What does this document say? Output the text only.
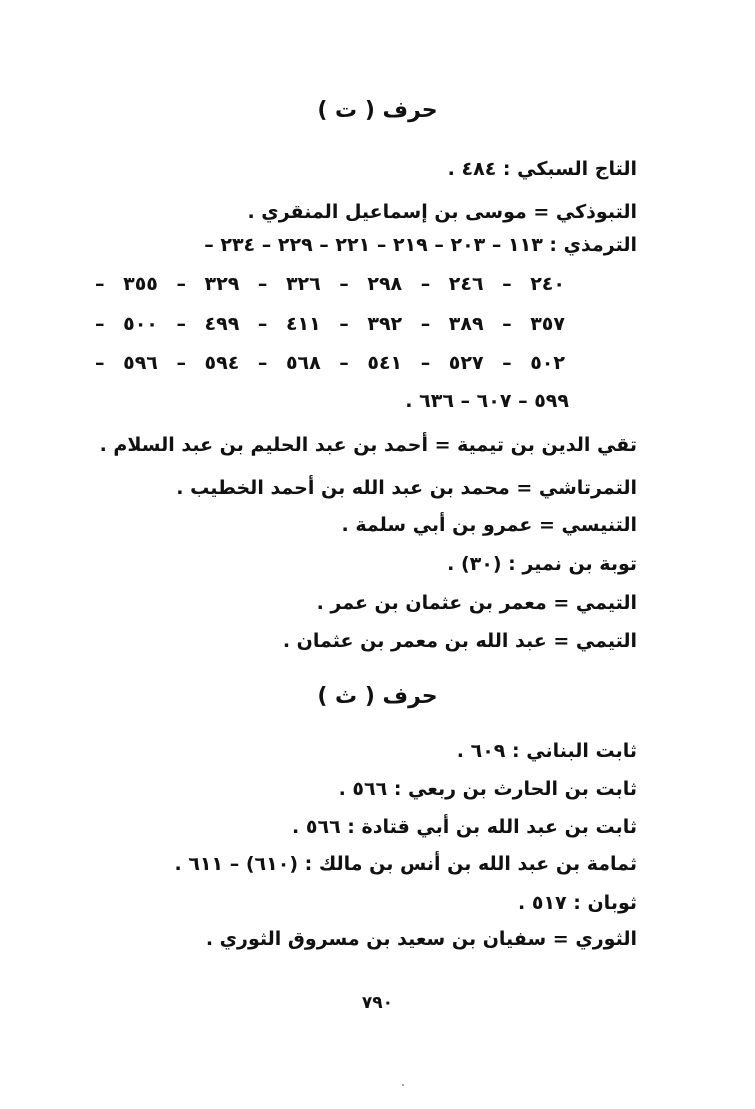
حرف ( ت )
التاج السبكي : ٤٨٤ .
التبوذكي = موسى بن إسماعيل المنقري .
الترمذي : ١١٣ – ٢٠٣ – ٢١٩ – ٢٢١ – ٢٢٩ – ٢٣٤ –
٢٤٠
–
٢٤٦
–
٢٩٨
–
٣٢٦
–
٣٢٩
–
٣٥٥
–
٣٥٧
–
٣٨٩
–
٣٩٢
–
٤١١
–
٤٩٩
–
٥٠٠
–
٥٠٢
–
٥٢٧
–
٥٤١
–
٥٦٨
–
٥٩٤
–
٥٩٦
–
٥٩٩ – ٦٠٧ – ٦٣٦ .
تقي الدين بن تيمية = أحمد بن عبد الحليم بن عبد السلام .
التمرتاشي = محمد بن عبد الله بن أحمد الخطيب .
التنيسي = عمرو بن أبي سلمة .
توبة بن نمير : (٣٠) .
التيمي = معمر بن عثمان بن عمر .
التيمي = عبد الله بن معمر بن عثمان .
حرف ( ث )
ثابت البناني : ٦٠٩ .
ثابت بن الحارث بن ربعي : ٥٦٦ .
ثابت بن عبد الله بن أبي قتادة : ٥٦٦ .
ثمامة بن عبد الله بن أنس بن مالك : (٦١٠) – ٦١١ .
ثوبان : ٥١٧ .
الثوري = سفيان بن سعيد بن مسروق الثوري .
٧٩٠
